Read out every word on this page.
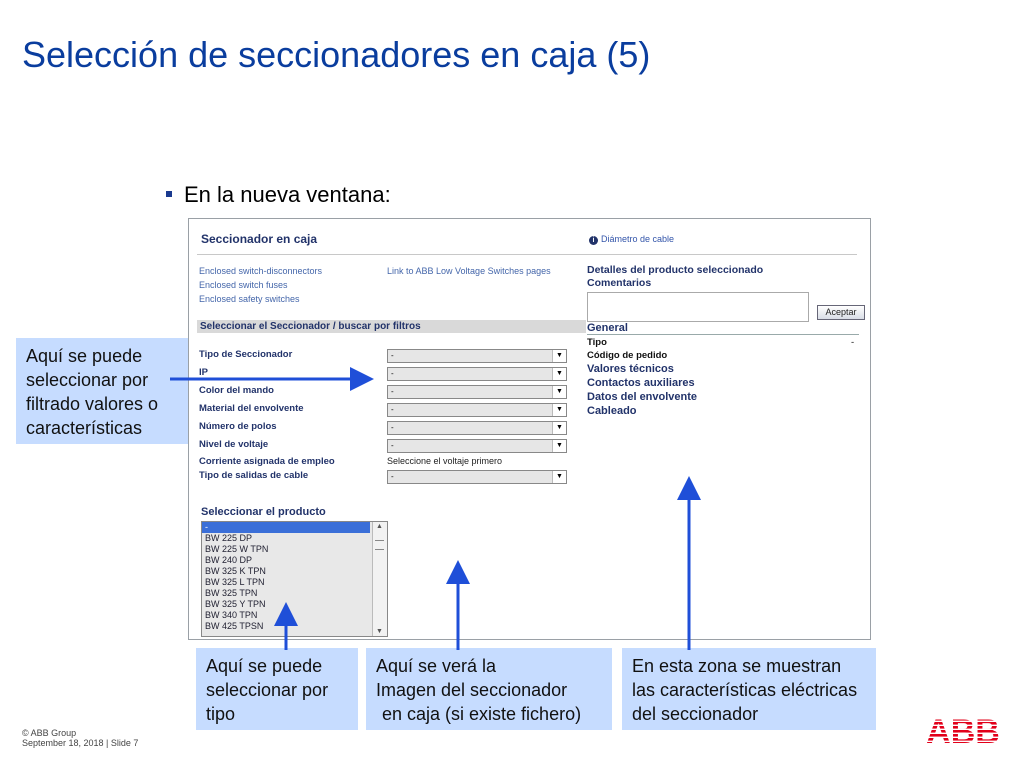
Selección de seccionadores en caja (5)
En la nueva ventana:
Seccionador en caja	i Diámetro de cable
Enclosed switch-disconnectors
Enclosed switch fuses
Enclosed safety switches
Link to ABB Low Voltage Switches pages
Seleccionar el Seccionador / buscar por filtros
Tipo de Seccionador	-	▼
IP	-	▼
Color del mando	-	▼
Material del envolvente	-	▼
Número de polos	-	▼
Nivel de voltaje	-	▼
Corriente asignada de empleo	Seleccione el voltaje primero
Tipo de salidas de cable	-	▼
Seleccionar el producto
-
BW 225 DP
BW 225 W TPN
BW 240 DP
BW 325 K TPN
BW 325 L TPN
BW 325 TPN
BW 325 Y TPN
BW 340 TPN
BW 425 TPSN
▲
▼
Detalles del producto seleccionado
Comentarios
Aceptar
General
Tipo	-
Código de pedido
Valores técnicos
Contactos auxiliares
Datos del envolvente
Cableado
Aquí se puede seleccionar por filtrado valores o características
Aquí se puede seleccionar por tipo
Aquí se verá la
Imagen del seccionador
en caja (si existe fichero)
En esta zona se muestran las características eléctricas del seccionador
© ABB Group
September 18, 2018 | Slide 7	ABB
